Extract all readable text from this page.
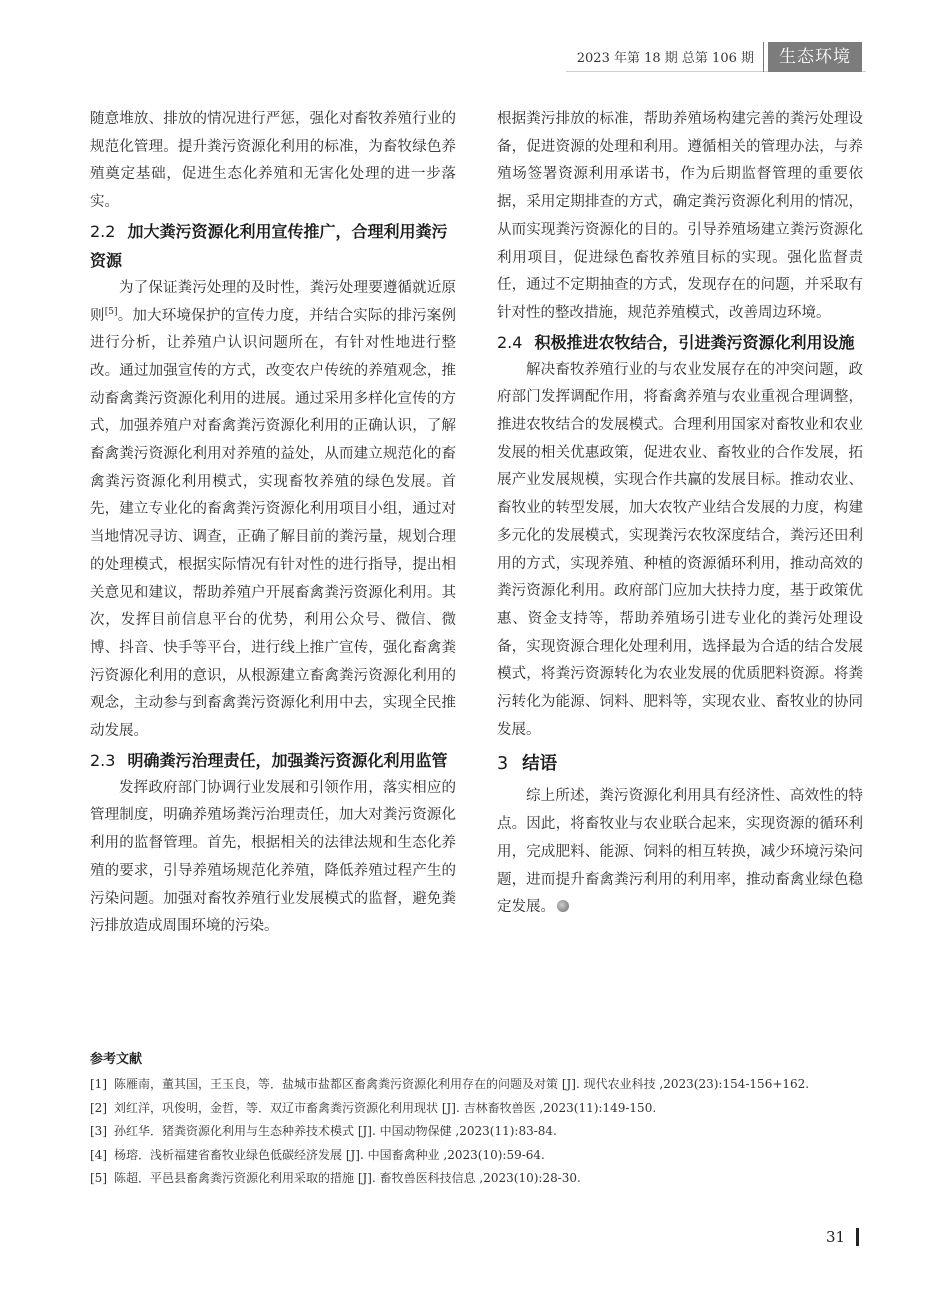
2023 年第 18 期 总第 106 期	生态环境

随意堆放、排放的情况进行严惩，强化对畜牧养殖行业的规范化管理。提升粪污资源化利用的标准，为畜牧绿色养殖奠定基础，促进生态化养殖和无害化处理的进一步落实。

2.2 加大粪污资源化利用宣传推广，合理利用粪污资源

为了保证粪污处理的及时性，粪污处理要遵循就近原则[5]。加大环境保护的宣传力度，并结合实际的排污案例进行分析，让养殖户认识问题所在，有针对性地进行整改。通过加强宣传的方式，改变农户传统的养殖观念，推动畜禽粪污资源化利用的进展。通过采用多样化宣传的方式，加强养殖户对畜禽粪污资源化利用的正确认识，了解畜禽粪污资源化利用对养殖的益处，从而建立规范化的畜禽粪污资源化利用模式，实现畜牧养殖的绿色发展。首先，建立专业化的畜禽粪污资源化利用项目小组，通过对当地情况寻访、调查，正确了解目前的粪污量，规划合理的处理模式，根据实际情况有针对性的进行指导，提出相关意见和建议，帮助养殖户开展畜禽粪污资源化利用。其次，发挥目前信息平台的优势，利用公众号、微信、微博、抖音、快手等平台，进行线上推广宣传，强化畜禽粪污资源化利用的意识，从根源建立畜禽粪污资源化利用的观念，主动参与到畜禽粪污资源化利用中去，实现全民推动发展。

2.3 明确粪污治理责任，加强粪污资源化利用监管

发挥政府部门协调行业发展和引领作用，落实相应的管理制度，明确养殖场粪污治理责任，加大对粪污资源化利用的监督管理。首先，根据相关的法律法规和生态化养殖的要求，引导养殖场规范化养殖，降低养殖过程产生的污染问题。加强对畜牧养殖行业发展模式的监督，避免粪污排放造成周围环境的污染。

根据粪污排放的标准，帮助养殖场构建完善的粪污处理设备，促进资源的处理和利用。遵循相关的管理办法，与养殖场签署资源利用承诺书，作为后期监督管理的重要依据，采用定期排查的方式，确定粪污资源化利用的情况，从而实现粪污资源化的目的。引导养殖场建立粪污资源化利用项目，促进绿色畜牧养殖目标的实现。强化监督责任，通过不定期抽查的方式，发现存在的问题，并采取有针对性的整改措施，规范养殖模式，改善周边环境。

2.4 积极推进农牧结合，引进粪污资源化利用设施

解决畜牧养殖行业的与农业发展存在的冲突问题，政府部门发挥调配作用，将畜禽养殖与农业重视合理调整，推进农牧结合的发展模式。合理利用国家对畜牧业和农业发展的相关优惠政策，促进农业、畜牧业的合作发展，拓展产业发展规模，实现合作共赢的发展目标。推动农业、畜牧业的转型发展，加大农牧产业结合发展的力度，构建多元化的发展模式，实现粪污农牧深度结合，粪污还田利用的方式，实现养殖、种植的资源循环利用，推动高效的粪污资源化利用。政府部门应加大扶持力度，基于政策优惠、资金支持等，帮助养殖场引进专业化的粪污处理设备，实现资源合理化处理利用，选择最为合适的结合发展模式，将粪污资源转化为农业发展的优质肥料资源。将粪污转化为能源、饲料、肥料等，实现农业、畜牧业的协同发展。

3 结语

综上所述，粪污资源化利用具有经济性、高效性的特点。因此，将畜牧业与农业联合起来，实现资源的循环利用，完成肥料、能源、饲料的相互转换，减少环境污染问题，进而提升畜禽粪污利用的利用率，推动畜禽业绿色稳定发展。

参考文献
[1] 陈雁南，董其国，王玉良，等．盐城市盐都区畜禽粪污资源化利用存在的问题及对策 [J]. 现代农业科技 ,2023(23):154-156+162.
[2] 刘红洋，巩俊明，金哲，等．双辽市畜禽粪污资源化利用现状 [J]. 吉林畜牧兽医 ,2023(11):149-150.
[3] 孙红华．猪粪资源化利用与生态种养技术模式 [J]. 中国动物保健 ,2023(11):83-84.
[4] 杨瑢．浅析福建省畜牧业绿色低碳经济发展 [J]. 中国畜禽种业 ,2023(10):59-64.
[5] 陈超．平邑县畜禽粪污资源化利用采取的措施 [J]. 畜牧兽医科技信息 ,2023(10):28-30.
31
